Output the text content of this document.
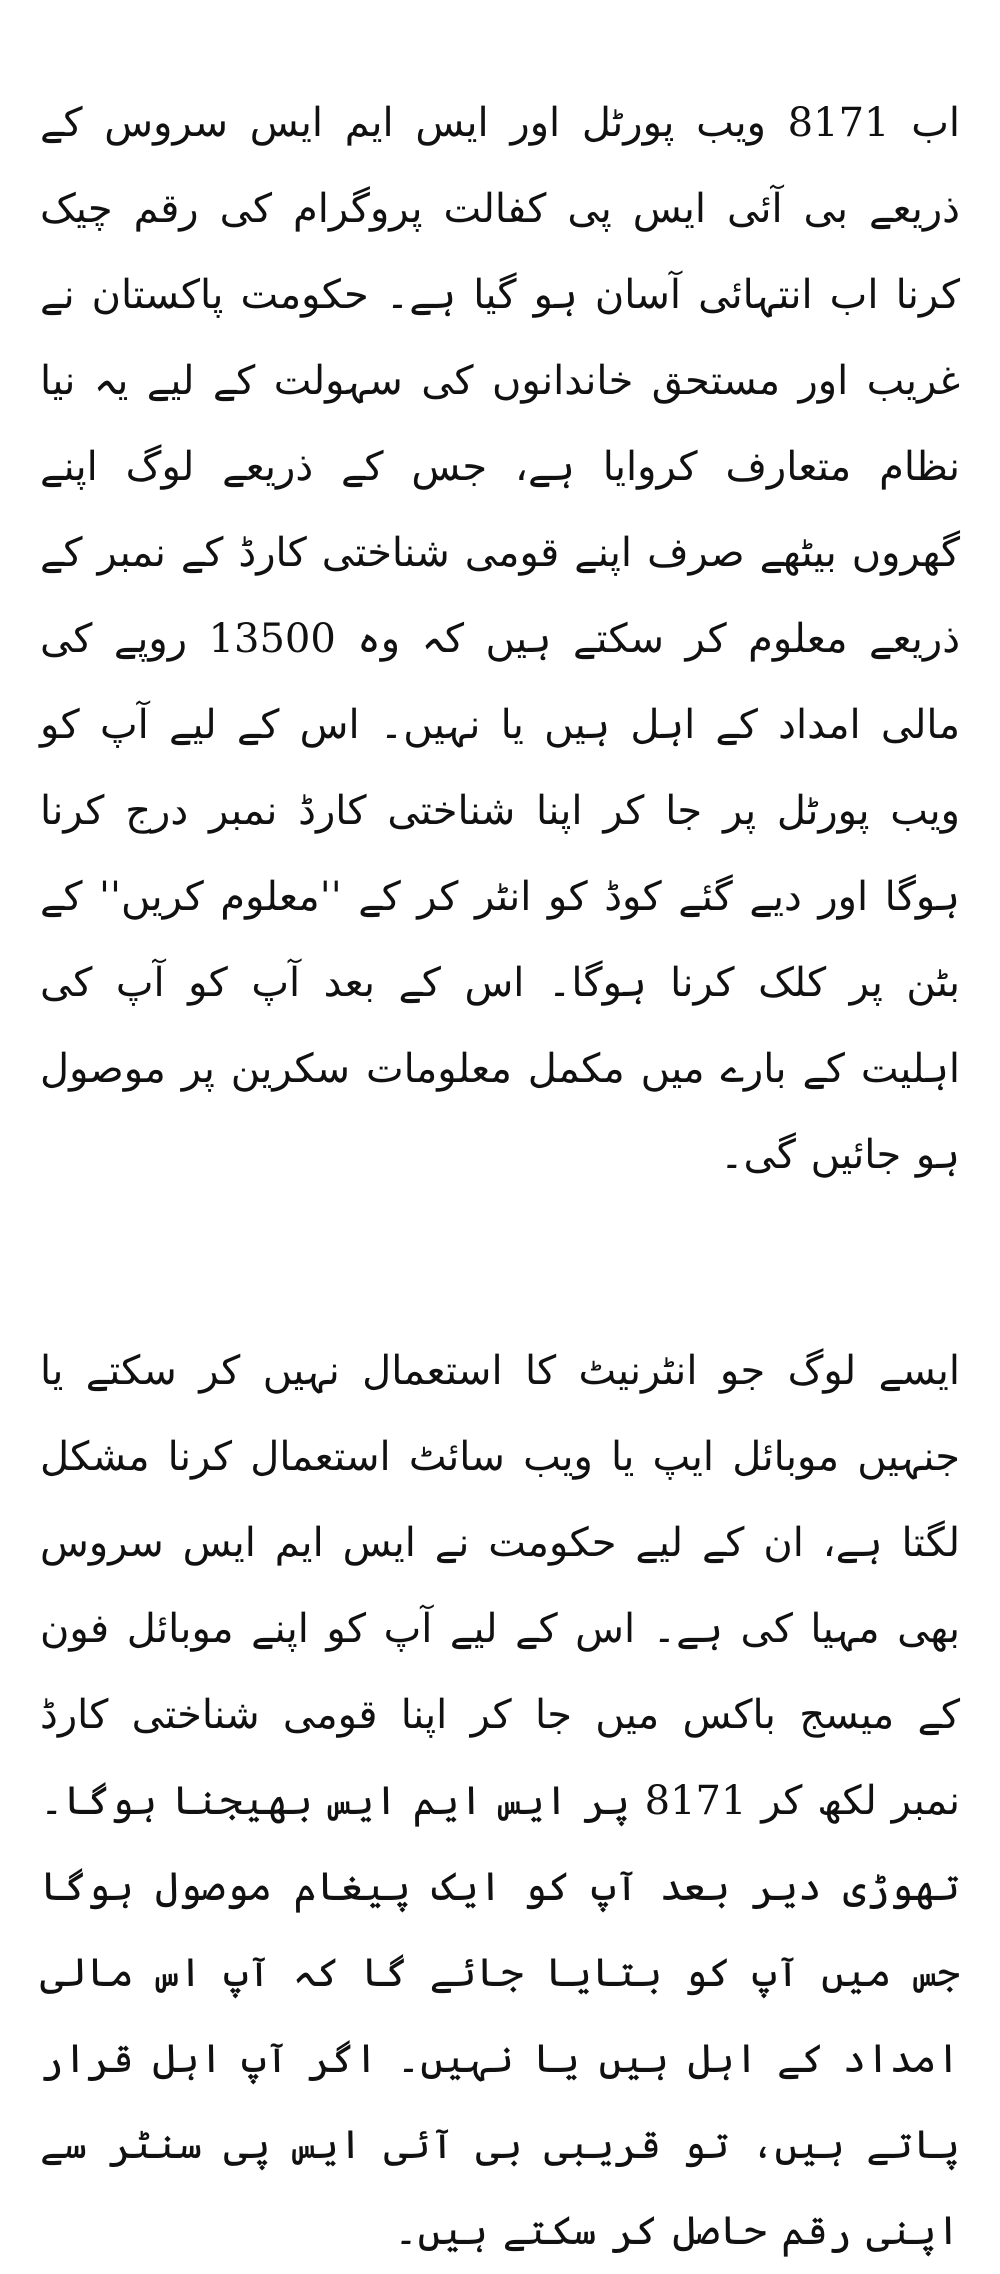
اب 8171 ویب پورٹل اور ایس ایم ایس سروس کے ذریعے بی آئی ایس پی کفالت پروگرام کی رقم چیک کرنا اب انتہائی آسان ہو گیا ہے۔ حکومت پاکستان نے غریب اور مستحق خاندانوں کی سہولت کے لیے یہ نیا نظام متعارف کروایا ہے، جس کے ذریعے لوگ اپنے گھروں بیٹھے صرف اپنے قومی شناختی کارڈ کے نمبر کے ذریعے معلوم کر سکتے ہیں کہ وہ 13500 روپے کی مالی امداد کے اہل ہیں یا نہیں۔ اس کے لیے آپ کو ویب پورٹل پر جا کر اپنا شناختی کارڈ نمبر درج کرنا ہوگا اور دیے گئے کوڈ کو انٹر کر کے ''معلوم کریں'' کے بٹن پر کلک کرنا ہوگا۔ اس کے بعد آپ کو آپ کی اہلیت کے بارے میں مکمل معلومات سکرین پر موصول ہو جائیں گی۔

ایسے لوگ جو انٹرنیٹ کا استعمال نہیں کر سکتے یا جنہیں موبائل ایپ یا ویب سائٹ استعمال کرنا مشکل لگتا ہے، ان کے لیے حکومت نے ایس ایم ایس سروس بھی مہیا کی ہے۔ اس کے لیے آپ کو اپنے موبائل فون کے میسج باکس میں جا کر اپنا قومی شناختی کارڈ نمبر لکھ کر 8171 پر ایس ایم ایس بھیجنا ہوگا۔ تھوڑی دیر بعد آپ کو ایک پیغام موصول ہوگا جس میں آپ کو بتایا جائے گا کہ آپ اس مالی امداد کے اہل ہیں یا نہیں۔ اگر آپ اہل قرار پاتے ہیں، تو قریبی بی آئی ایس پی سنٹر سے اپنی رقم حاصل کر سکتے ہیں۔
